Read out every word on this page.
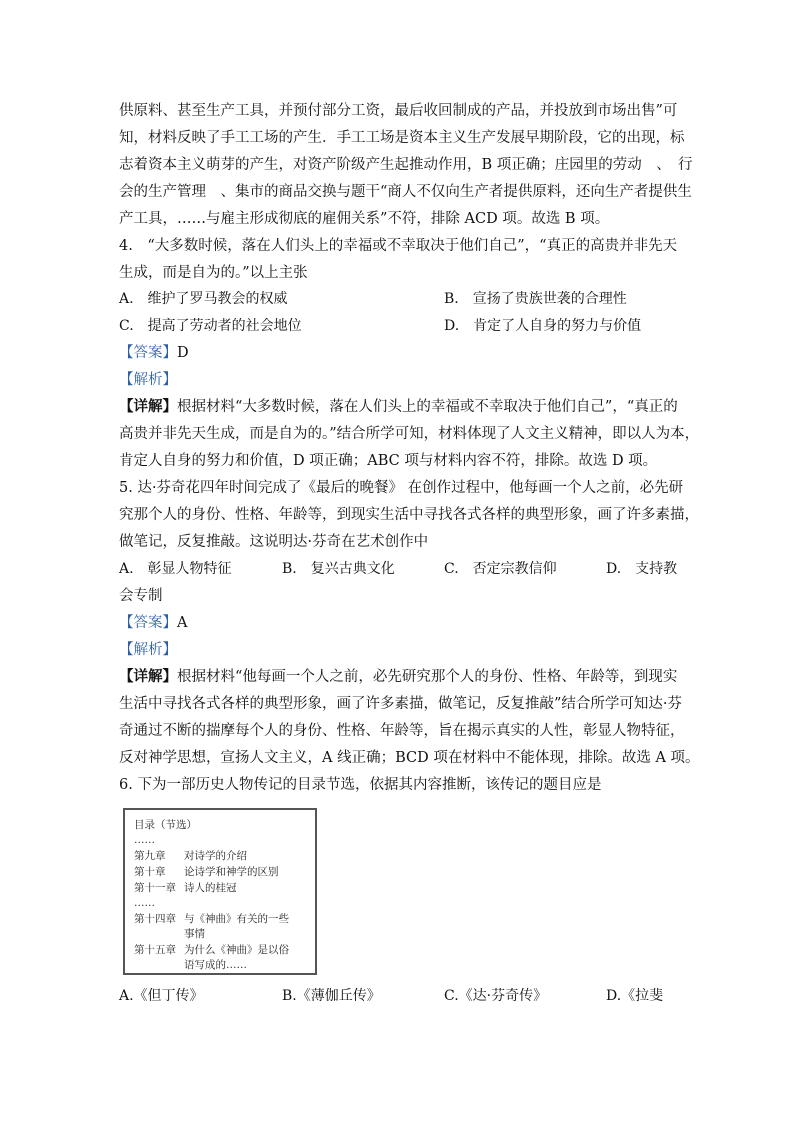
供原料、甚至生产工具，并预付部分工资，最后收回制成的产品，并投放到市场出售”可
知，材料反映了手工工场的产生．手工工场是资本主义生产发展早期阶段，它的出现，标
志着资本主义萌芽的产生，对资产阶级产生起推动作用，B 项正确；庄园里的劳动　、　行
会的生产管理　、集市的商品交换与题干“商人不仅向生产者提供原料，还向生产者提供生
产工具，……与雇主形成彻底的雇佣关系”不符，排除 ACD 项。故选 B 项。
4.　“大多数时候，落在人们头上的幸福或不幸取决于他们自己”，“真正的高贵并非先天
生成，而是自为的。”以上主张
A.　维护了罗马教会的权威	B.　宣扬了贵族世袭的合理性
C.　提高了劳动者的社会地位	D.　肯定了人自身的努力与价值
【答案】D
【解析】
【详解】根据材料“大多数时候，落在人们头上的幸福或不幸取决于他们自己”，“真正的
高贵并非先天生成，而是自为的。”结合所学可知，材料体现了人文主义精神，即以人为本，
肯定人自身的努力和价值，D 项正确；ABC 项与材料内容不符，排除。故选 D 项。
5. 达·芬奇花四年时间完成了《最后的晚餐》 在创作过程中，他每画一个人之前，必先研
究那个人的身份、性格、年龄等，到现实生活中寻找各式各样的典型形象，画了许多素描，
做笔记，反复推敲。这说明达·芬奇在艺术创作中
A.　彰显人物特征	B.　复兴古典文化	C.　否定宗教信仰	D.　支持教
会专制
【答案】A
【解析】
【详解】根据材料“他每画一个人之前，必先研究那个人的身份、性格、年龄等，到现实
生活中寻找各式各样的典型形象，画了许多素描，做笔记，反复推敲”结合所学可知达·芬
奇通过不断的揣摩每个人的身份、性格、年龄等，旨在揭示真实的人性，彰显人物特征，
反对神学思想，宣扬人文主义，A 线正确；BCD 项在材料中不能体现，排除。故选 A 项。
6. 下为一部历史人物传记的目录节选，依据其内容推断，该传记的题目应是
目录（节选）
……
第九章 对诗学的介绍
第十章 论诗学和神学的区别
第十一章 诗人的桂冠
……
第十四章 与《神曲》有关的一些
事情
第十五章 为什么《神曲》是以俗
语写成的……
A.《但丁传》	B.《薄伽丘传》	C.《达·芬奇传》	D.《拉斐
